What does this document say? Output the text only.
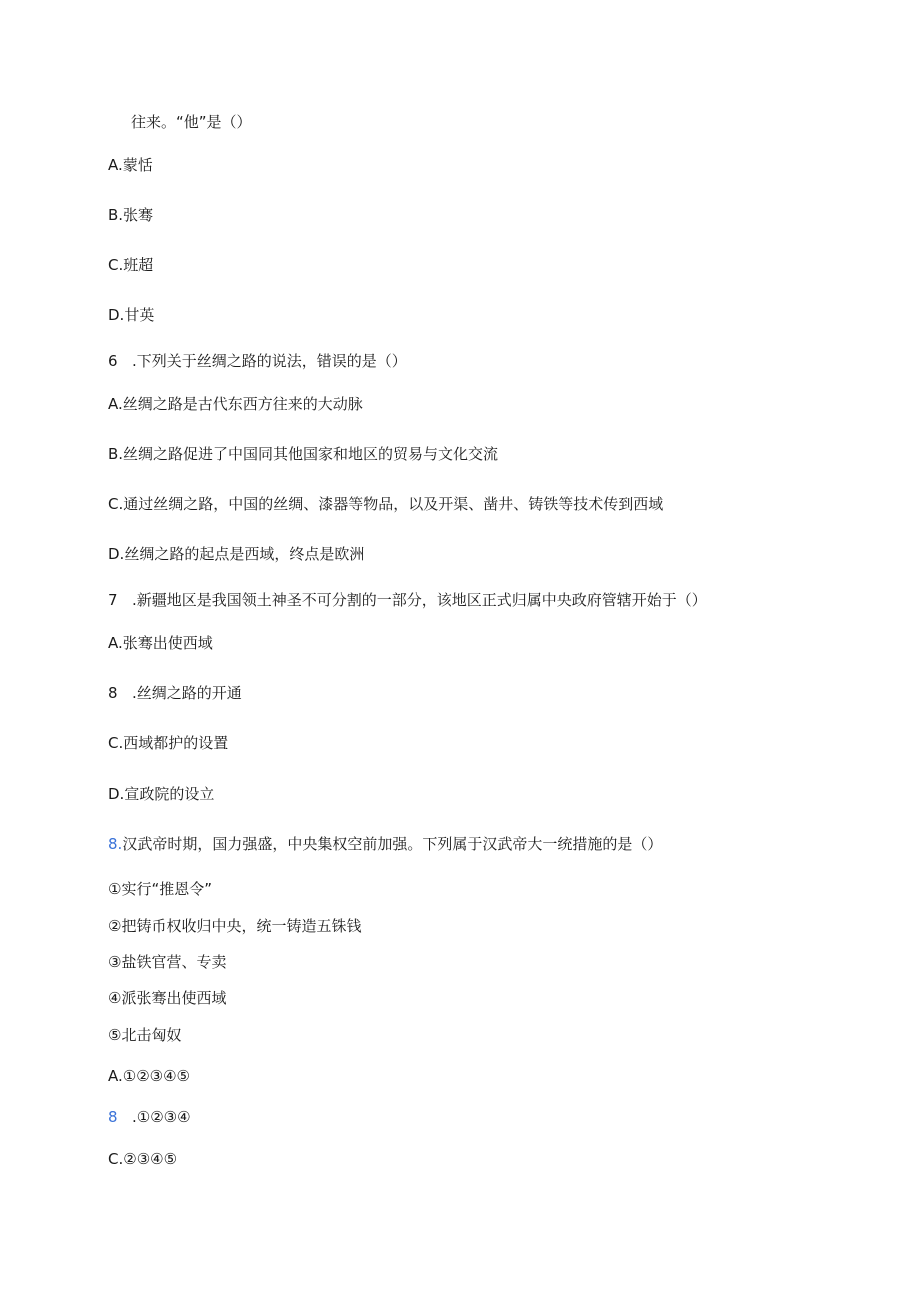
往来。“他”是（）
A.蒙恬
B.张骞
C.班超
D.甘英
6 .下列关于丝绸之路的说法，错误的是（）
A.丝绸之路是古代东西方往来的大动脉
B.丝绸之路促进了中国同其他国家和地区的贸易与文化交流
C.通过丝绸之路，中国的丝绸、漆器等物品，以及开渠、凿井、铸铁等技术传到西域
D.丝绸之路的起点是西域，终点是欧洲
7 .新疆地区是我国领土神圣不可分割的一部分，该地区正式归属中央政府管辖开始于（）
A.张骞出使西域
8 .丝绸之路的开通
C.西域都护的设置
D.宣政院的设立
8.汉武帝时期，国力强盛，中央集权空前加强。下列属于汉武帝大一统措施的是（）
①实行“推恩令”
②把铸币权收归中央，统一铸造五铢钱
③盐铁官营、专卖
④派张骞出使西域
⑤北击匈奴
A.①②③④⑤
8 .①②③④
C.②③④⑤
